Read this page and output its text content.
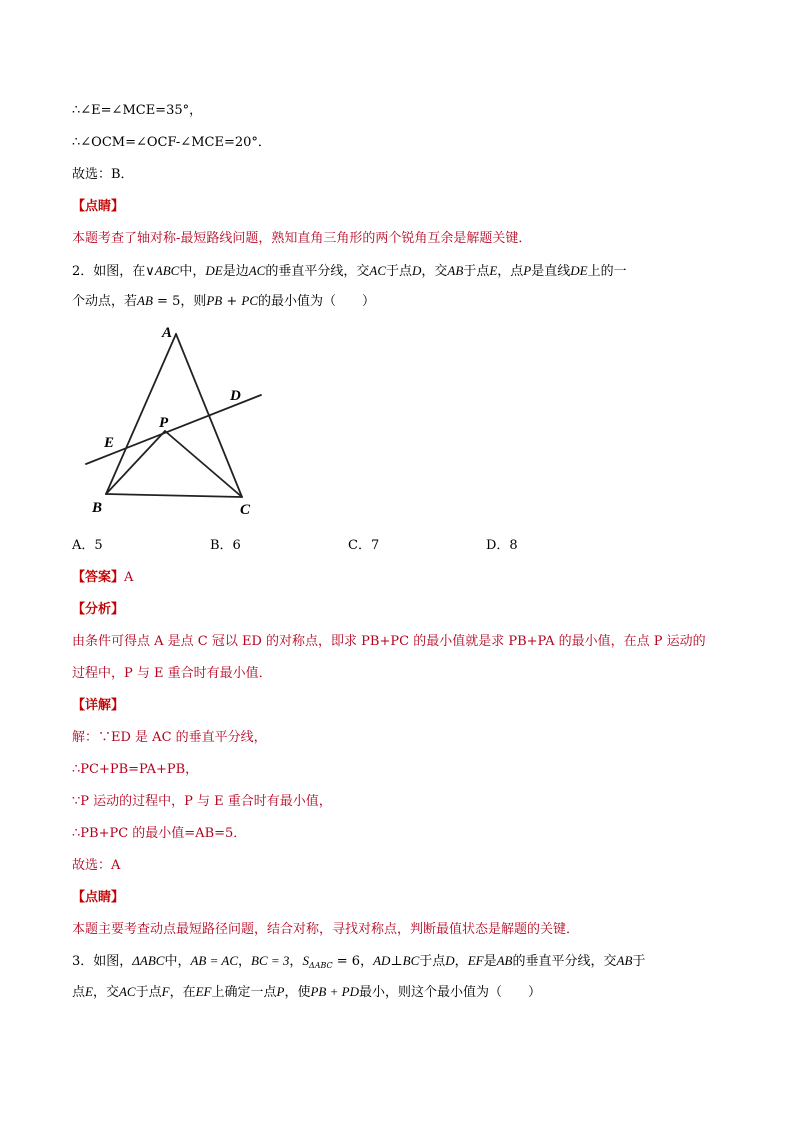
∴∠E=∠MCE=35°，
∴∠OCM=∠OCF-∠MCE=20°．
故选：B．
【点睛】
本题考查了轴对称-最短路线问题，熟知直角三角形的两个锐角互余是解题关键．
2．如图，在∨ABC中，DE是边AC的垂直平分线，交AC于点D，交AB于点E，点P是直线DE上的一
个动点，若AB = 5，则PB + PC的最小值为（　　）
A
D
P
E
B	C
A．5	B．6	C．7	D．8
【答案】A
【分析】
由条件可得点 A 是点 C 冠以 ED 的对称点，即求 PB+PC 的最小值就是求 PB+PA 的最小值，在点 P 运动的
过程中，P 与 E 重合时有最小值．
【详解】
解：∵ED 是 AC 的垂直平分线，
∴PC+PB=PA+PB，
∵P 运动的过程中，P 与 E 重合时有最小值，
∴PB+PC 的最小值=AB=5．
故选：A
【点睛】
本题主要考查动点最短路径问题，结合对称，寻找对称点，判断最值状态是解题的关键．
3．如图，ΔABC中，AB = AC，BC = 3，$S_{\Delta ABC} = 6$，AD⊥BC于点D，EF是AB的垂直平分线，交AB于
点E，交AC于点F，在EF上确定一点P，使PB + PD最小，则这个最小值为（　　）
